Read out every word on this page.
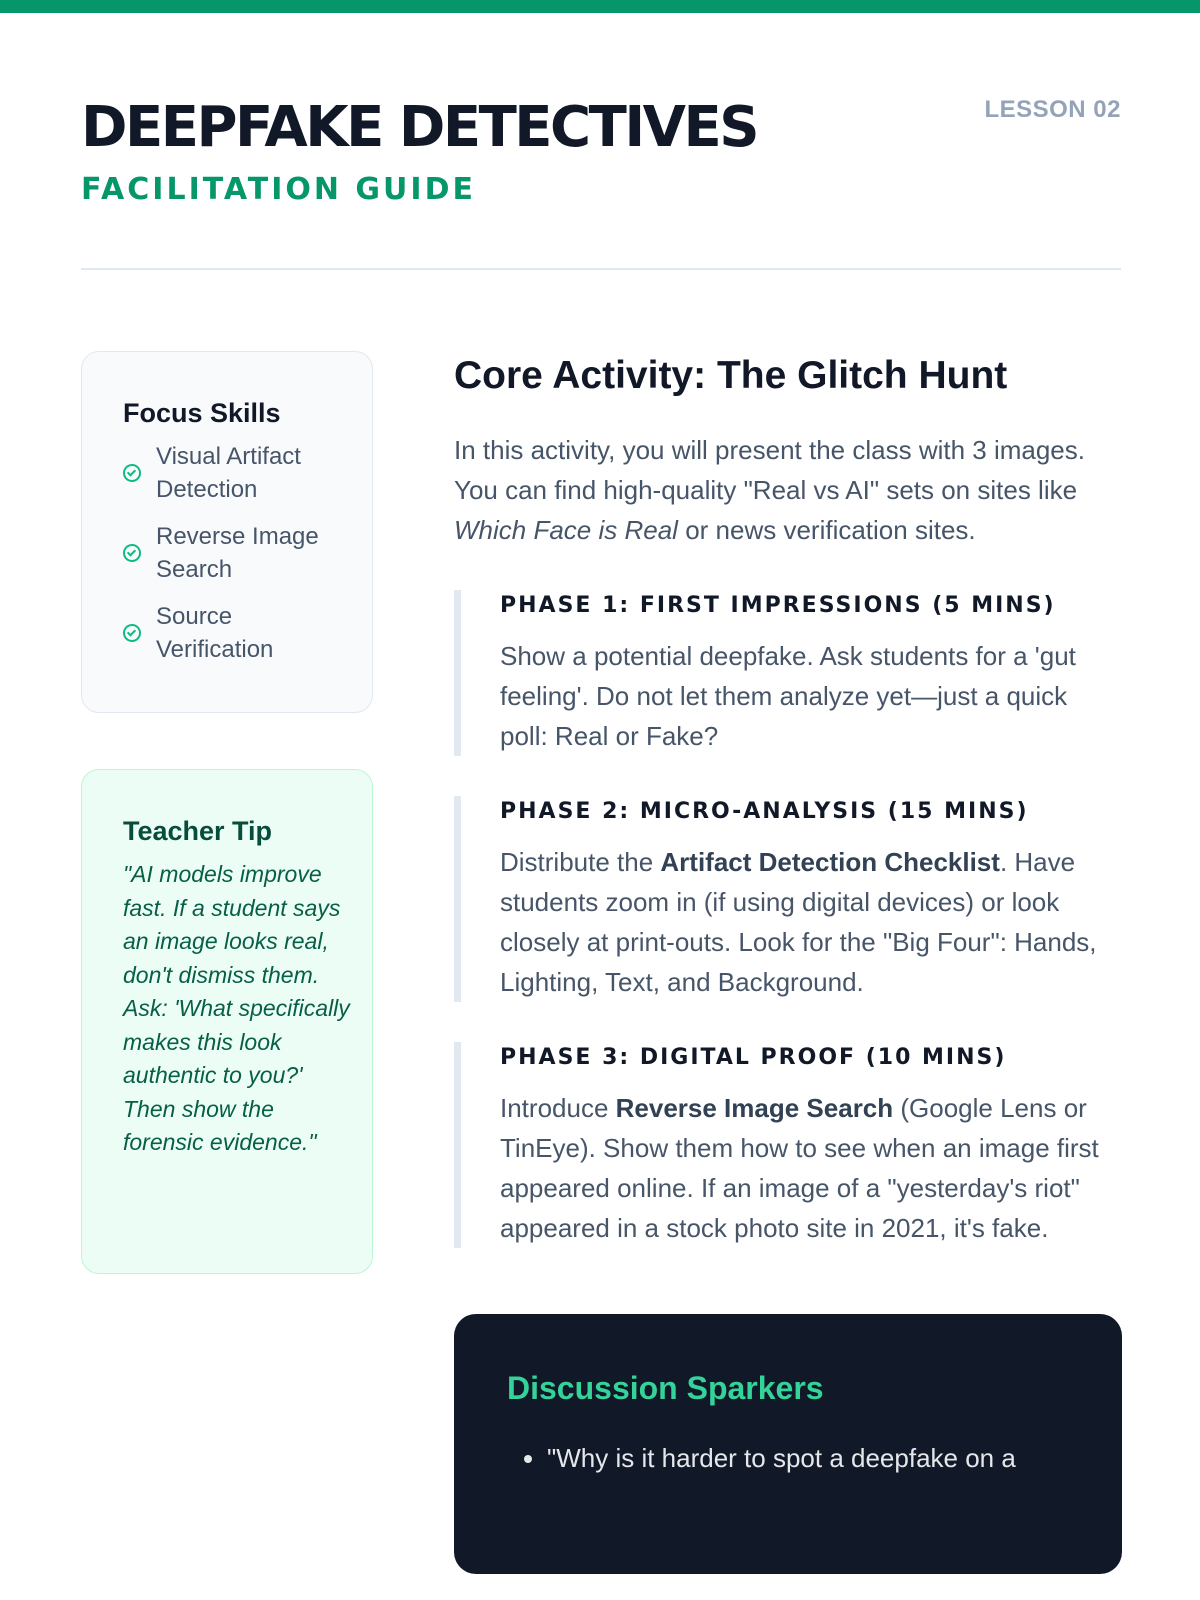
DEEPFAKE DETECTIVES
FACILITATION GUIDE
LESSON 02
Focus Skills
Visual Artifact Detection
Reverse Image Search
Source Verification
Teacher Tip

"AI models improve fast. If a student says an image looks real, don't dismiss them. Ask: 'What specifically makes this look authentic to you?' Then show the forensic evidence."

Core Activity: The Glitch Hunt

In this activity, you will present the class with 3 images. You can find high-quality "Real vs AI" sets on sites like Which Face is Real or news verification sites.

PHASE 1: FIRST IMPRESSIONS (5 MINS)

Show a potential deepfake. Ask students for a 'gut feeling'. Do not let them analyze yet—just a quick poll: Real or Fake?

PHASE 2: MICRO-ANALYSIS (15 MINS)

Distribute the Artifact Detection Checklist. Have students zoom in (if using digital devices) or look closely at print-outs. Look for the "Big Four": Hands, Lighting, Text, and Background.

PHASE 3: DIGITAL PROOF (10 MINS)

Introduce Reverse Image Search (Google Lens or TinEye). Show them how to see when an image first appeared online. If an image of a "yesterday's riot" appeared in a stock photo site in 2021, it's fake.

Discussion Sparkers
• "Why is it harder to spot a deepfake on a
